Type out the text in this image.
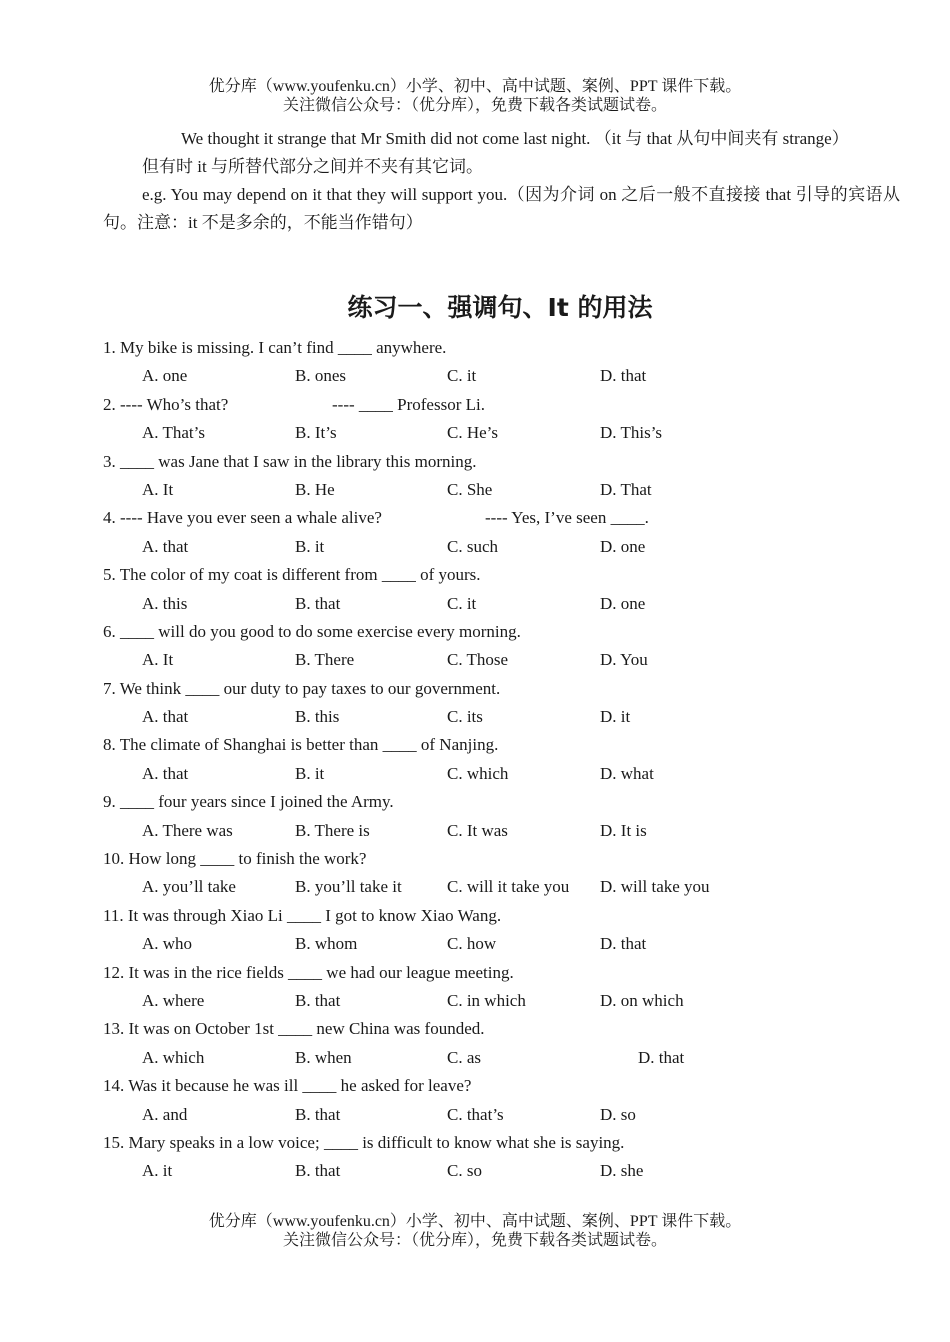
优分库（www.youfenku.cn）小学、初中、高中试题、案例、PPT 课件下载。
关注微信公众号：（优分库），免费下载各类试题试卷。
We thought it strange that Mr Smith did not come last night. （it 与 that 从句中间夹有 strange）
但有时 it 与所替代部分之间并不夹有其它词。
e.g. You may depend on it that they will support you.（因为介词 on 之后一般不直接接 that 引导的宾语从句。注意：it 不是多余的，不能当作错句）
练习一、强调句、It 的用法
1. My bike is missing. I can’t find ____ anywhere.
A. one	B. ones	C. it	D. that
2. ---- Who’s that?	---- ____ Professor Li.
A. That’s	B. It’s	C. He’s	D. This’s
3. ____ was Jane that I saw in the library this morning.
A. It	B. He	C. She	D. That
4. ---- Have you ever seen a whale alive?	---- Yes, I’ve seen ____.
A. that	B. it	C. such	D. one
5. The color of my coat is different from ____ of yours.
A. this	B. that	C. it	D. one
6. ____ will do you good to do some exercise every morning.
A. It	B. There	C. Those	D. You
7. We think ____ our duty to pay taxes to our government.
A. that	B. this	C. its	D. it
8. The climate of Shanghai is better than ____ of Nanjing.
A. that	B. it	C. which	D. what
9. ____ four years since I joined the Army.
A. There was	B. There is	C. It was	D. It is
10. How long ____ to finish the work?
A. you’ll take	B. you’ll take it	C. will it take you D. will take you
11. It was through Xiao Li ____ I got to know Xiao Wang.
A. who	B. whom	C. how	D. that
12. It was in the rice fields ____ we had our league meeting.
A. where	B. that	C. in which	D. on which
13. It was on October 1st ____ new China was founded.
A. which	B. when	C. as	D. that
14. Was it because he was ill ____ he asked for leave?
A. and	B. that	C. that’s	D. so
15. Mary speaks in a low voice; ____ is difficult to know what she is saying.
A. it	B. that	C. so	D. she
优分库（www.youfenku.cn）小学、初中、高中试题、案例、PPT 课件下载。
关注微信公众号：（优分库），免费下载各类试题试卷。
